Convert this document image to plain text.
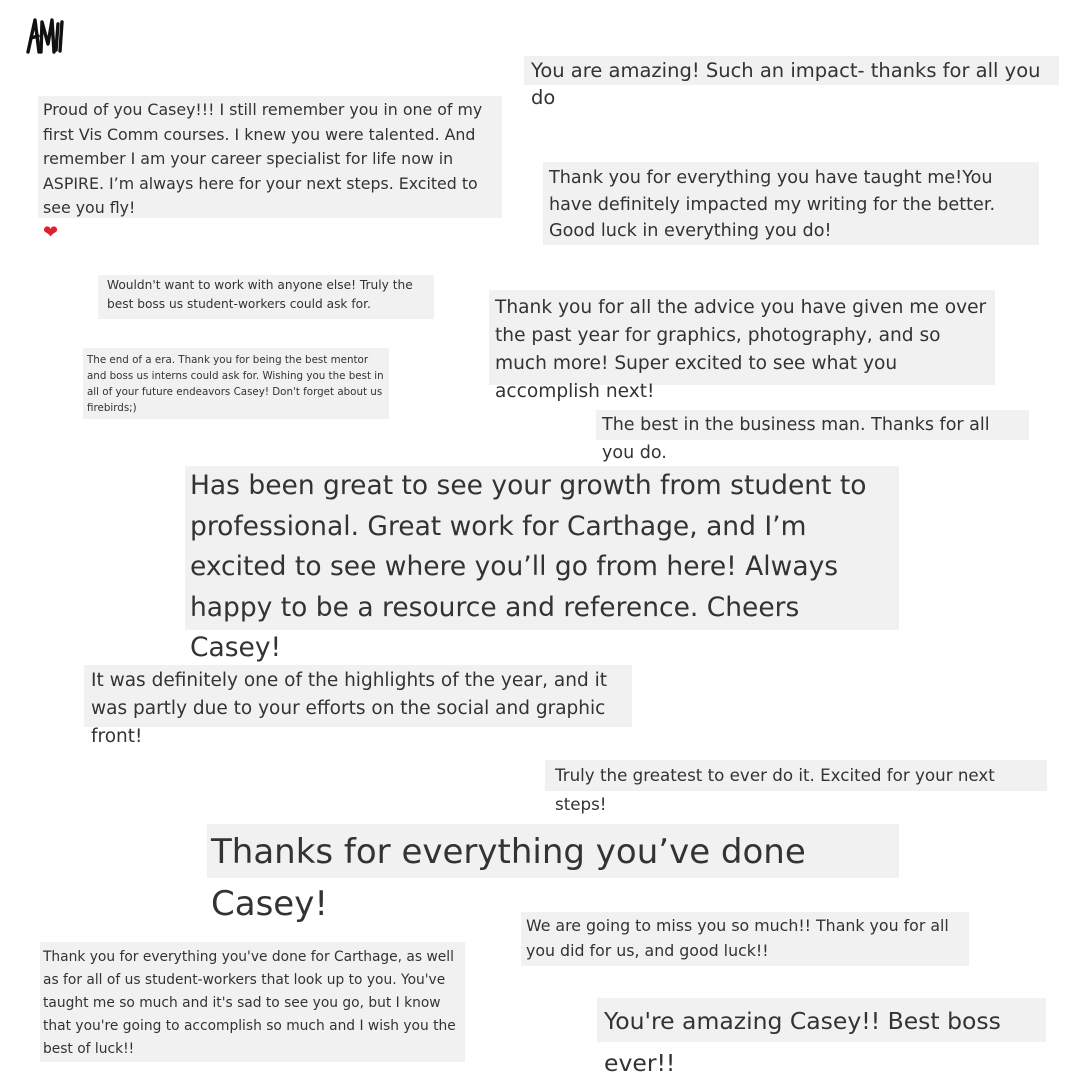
You are amazing! Such an impact- thanks for all you do

Proud of you Casey!!! I still remember you in one of my first Vis Comm courses. I knew you were talented. And remember I am your career specialist for life now in ASPIRE. I’m always here for your next steps. Excited to see you fly!

❤

Thank you for everything you have taught me!You have definitely impacted my writing for the better. Good luck in everything you do!

Wouldn't want to work with anyone else! Truly the best boss us student-workers could ask for.	Thank you for all the advice you have given me over the past year for graphics, photography, and so much more! Super excited to see what you accomplish next!

The end of a era. Thank you for being the best mentor and boss us interns could ask for. Wishing you the best in all of your future endeavors Casey! Don't forget about us firebirds;)

The best in the business man. Thanks for all you do.

Has been great to see your growth from student to professional. Great work for Carthage, and I’m excited to see where you’ll go from here! Always happy to be a resource and reference. Cheers Casey!

It was definitely one of the highlights of the year, and it was partly due to your efforts on the social and graphic front!

Truly the greatest to ever do it. Excited for your next steps!

Thanks for everything you’ve done Casey!

We are going to miss you so much!! Thank you for all you did for us, and good luck!!

Thank you for everything you've done for Carthage, as well as for all of us student-workers that look up to you. You've taught me so much and it's sad to see you go, but I know that you're going to accomplish so much and I wish you the best of luck!!

You're amazing Casey!! Best boss ever!!
